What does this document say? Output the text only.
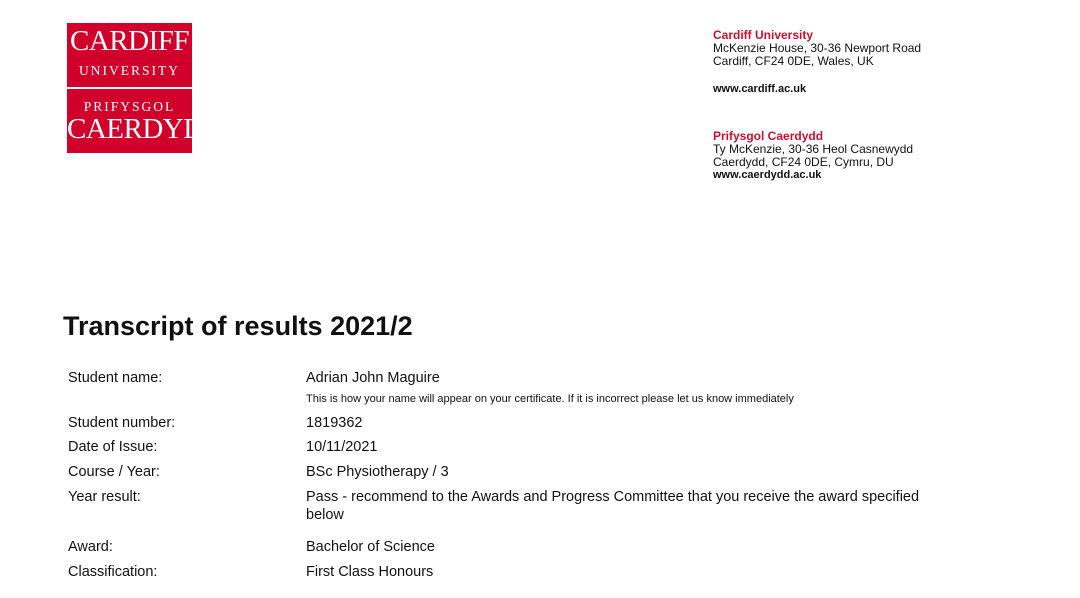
CARDIFF
UNIVERSITY
PRIFYSGOL
CAERDYDD
Cardiff University
McKenzie House, 30-36 Newport Road
Cardiff, CF24 0DE, Wales, UK
www.cardiff.ac.uk
Prifysgol Caerdydd
Ty McKenzie, 30-36 Heol Casnewydd
Caerdydd, CF24 0DE, Cymru, DU
www.caerdydd.ac.uk
Transcript of results 2021/2
Student name:	Adrian John Maguire
This is how your name will appear on your certificate. If it is incorrect please let us know immediately
Student number:	1819362
Date of Issue:	10/11/2021
Course / Year:	BSc Physiotherapy / 3
Year result:	Pass - recommend to the Awards and Progress Committee that you receive the award specified below
Award:	Bachelor of Science
Classification:	First Class Honours
